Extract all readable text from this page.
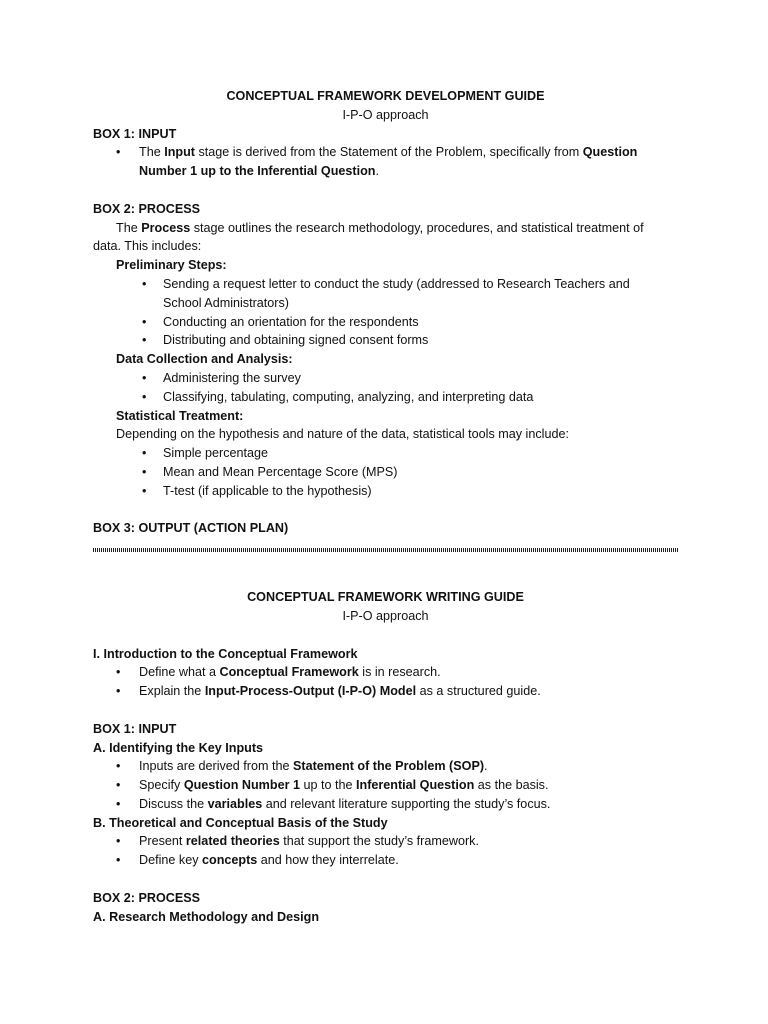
CONCEPTUAL FRAMEWORK DEVELOPMENT GUIDE
I-P-O approach
BOX 1: INPUT
• The Input stage is derived from the Statement of the Problem, specifically from Question
Number 1 up to the Inferential Question.
BOX 2: PROCESS
The Process stage outlines the research methodology, procedures, and statistical treatment of
data. This includes:
Preliminary Steps:
• Sending a request letter to conduct the study (addressed to Research Teachers and
School Administrators)
• Conducting an orientation for the respondents
• Distributing and obtaining signed consent forms
Data Collection and Analysis:
• Administering the survey
• Classifying, tabulating, computing, analyzing, and interpreting data
Statistical Treatment:
Depending on the hypothesis and nature of the data, statistical tools may include:
• Simple percentage
• Mean and Mean Percentage Score (MPS)
• T-test (if applicable to the hypothesis)
BOX 3: OUTPUT (ACTION PLAN)
CONCEPTUAL FRAMEWORK WRITING GUIDE
I-P-O approach
I. Introduction to the Conceptual Framework
• Define what a Conceptual Framework is in research.
• Explain the Input-Process-Output (I-P-O) Model as a structured guide.
BOX 1: INPUT
A. Identifying the Key Inputs
• Inputs are derived from the Statement of the Problem (SOP).
• Specify Question Number 1 up to the Inferential Question as the basis.
• Discuss the variables and relevant literature supporting the study’s focus.
B. Theoretical and Conceptual Basis of the Study
• Present related theories that support the study’s framework.
• Define key concepts and how they interrelate.
BOX 2: PROCESS
A. Research Methodology and Design
